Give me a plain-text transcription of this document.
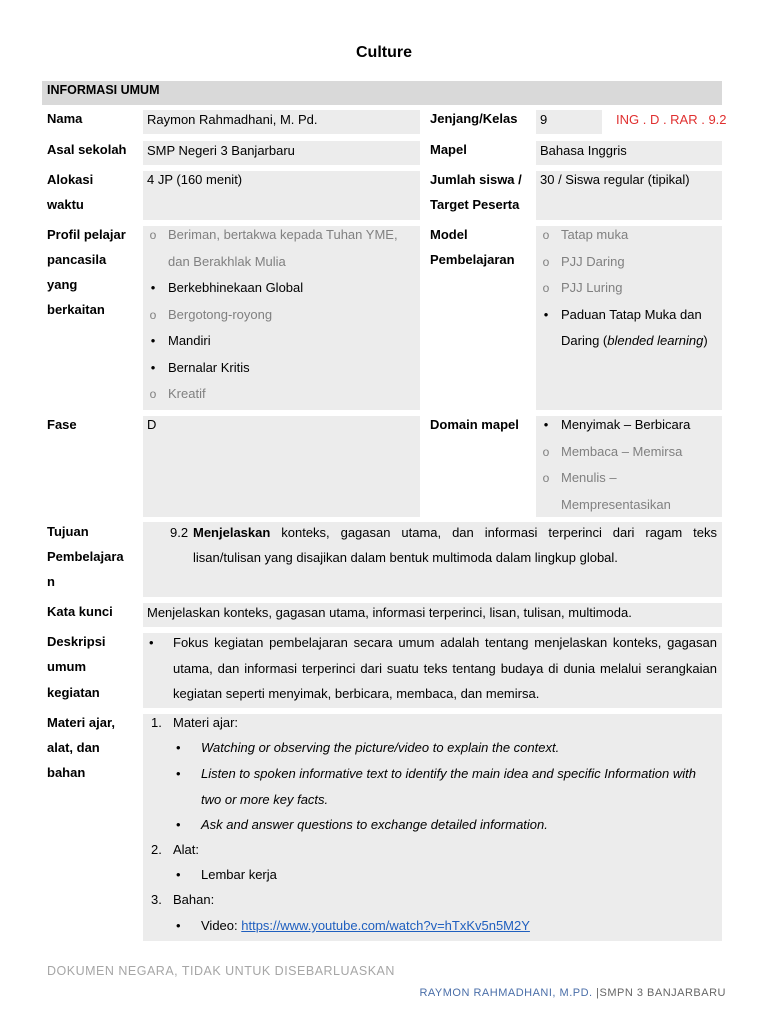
Culture
INFORMASI UMUM
Nama	Raymon Rahmadhani, M. Pd.	Jenjang/Kelas	9	ING . D . RAR . 9.2
Asal sekolah	SMP Negeri 3 Banjarbaru	Mapel	Bahasa Inggris
Alokasi
waktu
4 JP (160 menit)	Jumlah siswa /
Target Peserta
30 / Siswa regular (tipikal)
Profil pelajar
pancasila
yang
berkaitan
o Beriman, bertakwa kepada Tuhan YME, dan Berakhlak Mulia
•
Berkebhinekaan Global
o Bergotong-royong
•
Mandiri
•
Bernalar Kritis
o Kreatif
Model
Pembelajaran
o Tatap muka
o PJJ Daring
o PJJ Luring
•
Paduan Tatap Muka dan Daring (blended learning)
Fase	D	Domain mapel
•	Menyimak – Berbicara
o Membaca – Memirsa
o Menulis – Mempresentasikan
Tujuan
Pembelajara
n
9.2 Menjelaskan konteks, gagasan utama, dan informasi terperinci dari ragam teks lisan/tulisan yang disajikan dalam bentuk multimoda dalam lingkup global.
Kata kunci	Menjelaskan konteks, gagasan utama, informasi terperinci, lisan, tulisan, multimoda.
Deskripsi
umum
kegiatan
•
Fokus kegiatan pembelajaran secara umum adalah tentang menjelaskan konteks, gagasan utama, dan informasi terperinci dari suatu teks tentang budaya di dunia melalui serangkaian kegiatan seperti menyimak, berbicara, membaca, dan memirsa.
Materi ajar,
alat, dan
bahan
1. Materi ajar:
•
Watching or observing the picture/video to explain the context.
•
Listen to spoken informative text to identify the main idea and specific Information with two or more key facts.
•
Ask and answer questions to exchange detailed information.
2. Alat:
•
Lembar kerja
3. Bahan:
•
Video: https://www.youtube.com/watch?v=hTxKv5n5M2Y
DOKUMEN NEGARA, TIDAK UNTUK DISEBARLUASKAN
RAYMON RAHMADHANI, M.PD. |SMPN 3 BANJARBARU
